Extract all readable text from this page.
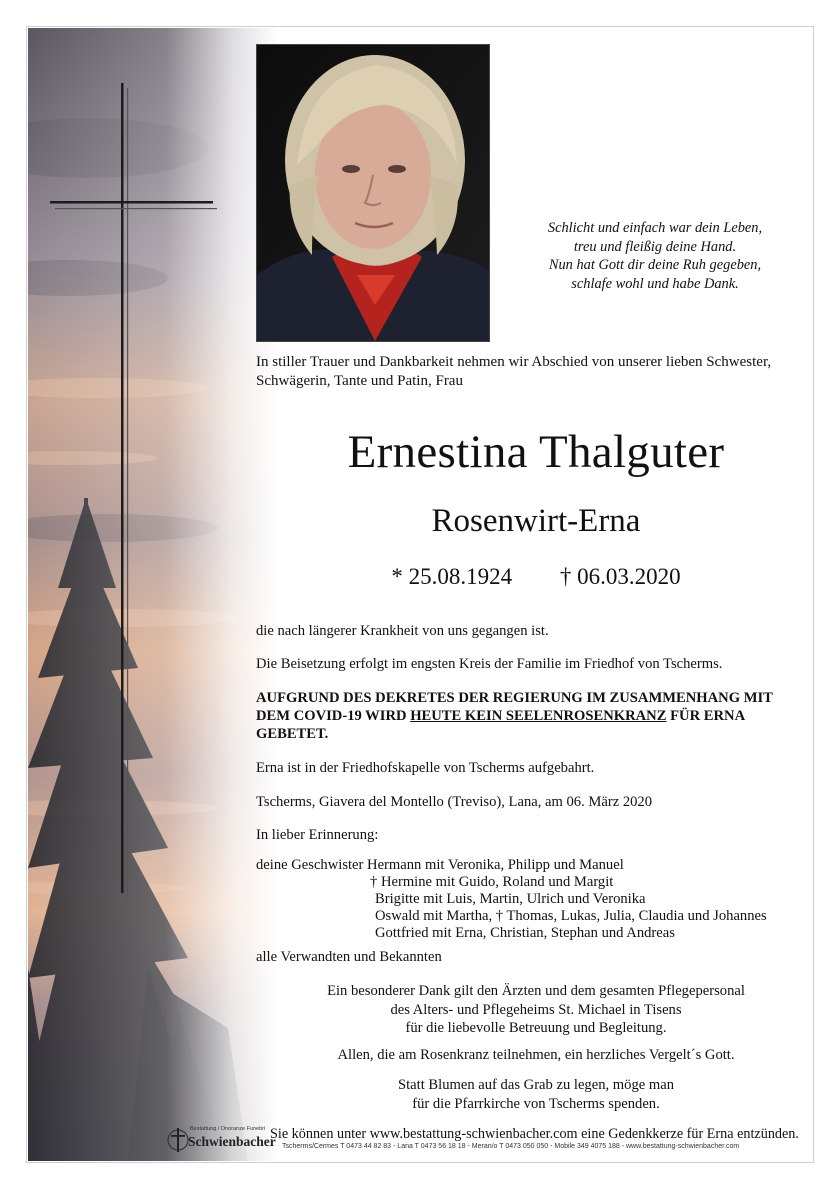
Schlicht und einfach war dein Leben,
treu und fleißig deine Hand.
Nun hat Gott dir deine Ruh gegeben,
schlafe wohl und habe Dank.

In stiller Trauer und Dankbarkeit nehmen wir Abschied von unserer lieben Schwester, Schwägerin, Tante und Patin, Frau

Ernestina Thalguter

Rosenwirt-Erna

* 25.08.1924 † 06.03.2020

die nach längerer Krankheit von uns gegangen ist.

Die Beisetzung erfolgt im engsten Kreis der Familie im Friedhof von Tscherms.

AUFGRUND DES DEKRETES DER REGIERUNG IM ZUSAMMENHANG MIT DEM COVID-19 WIRD HEUTE KEIN SEELENROSENKRANZ FÜR ERNA GEBETET.

Erna ist in der Friedhofskapelle von Tscherms aufgebahrt.

Tscherms, Giavera del Montello (Treviso), Lana, am 06. März 2020

In lieber Erinnerung:

deine Geschwister Hermann mit Veronika, Philipp und Manuel
† Hermine mit Guido, Roland und Margit
Brigitte mit Luis, Martin, Ulrich und Veronika
Oswald mit Martha, † Thomas, Lukas, Julia, Claudia und Johannes
Gottfried mit Erna, Christian, Stephan und Andreas
alle Verwandten und Bekannten
Ein besonderer Dank gilt den Ärzten und dem gesamten Pflegepersonal
des Alters- und Pflegeheims St. Michael in Tisens
für die liebevolle Betreuung und Begleitung.
Allen, die am Rosenkranz teilnehmen, ein herzliches Vergelt´s Gott.
Statt Blumen auf das Grab zu legen, möge man
für die Pfarrkirche von Tscherms spenden.
Bestattung / Onoranze Funebri
Schwienbacher

Sie können unter www.bestattung-schwienbacher.com eine Gedenkkerze für Erna entzünden.

Tscherms/Cermes T 0473 44 82 83 - Lana T 0473 56 18 18 - Meran/o T 0473 050 050 - Mobile 349 4075 188 - www.bestattung-schwienbacher.com
